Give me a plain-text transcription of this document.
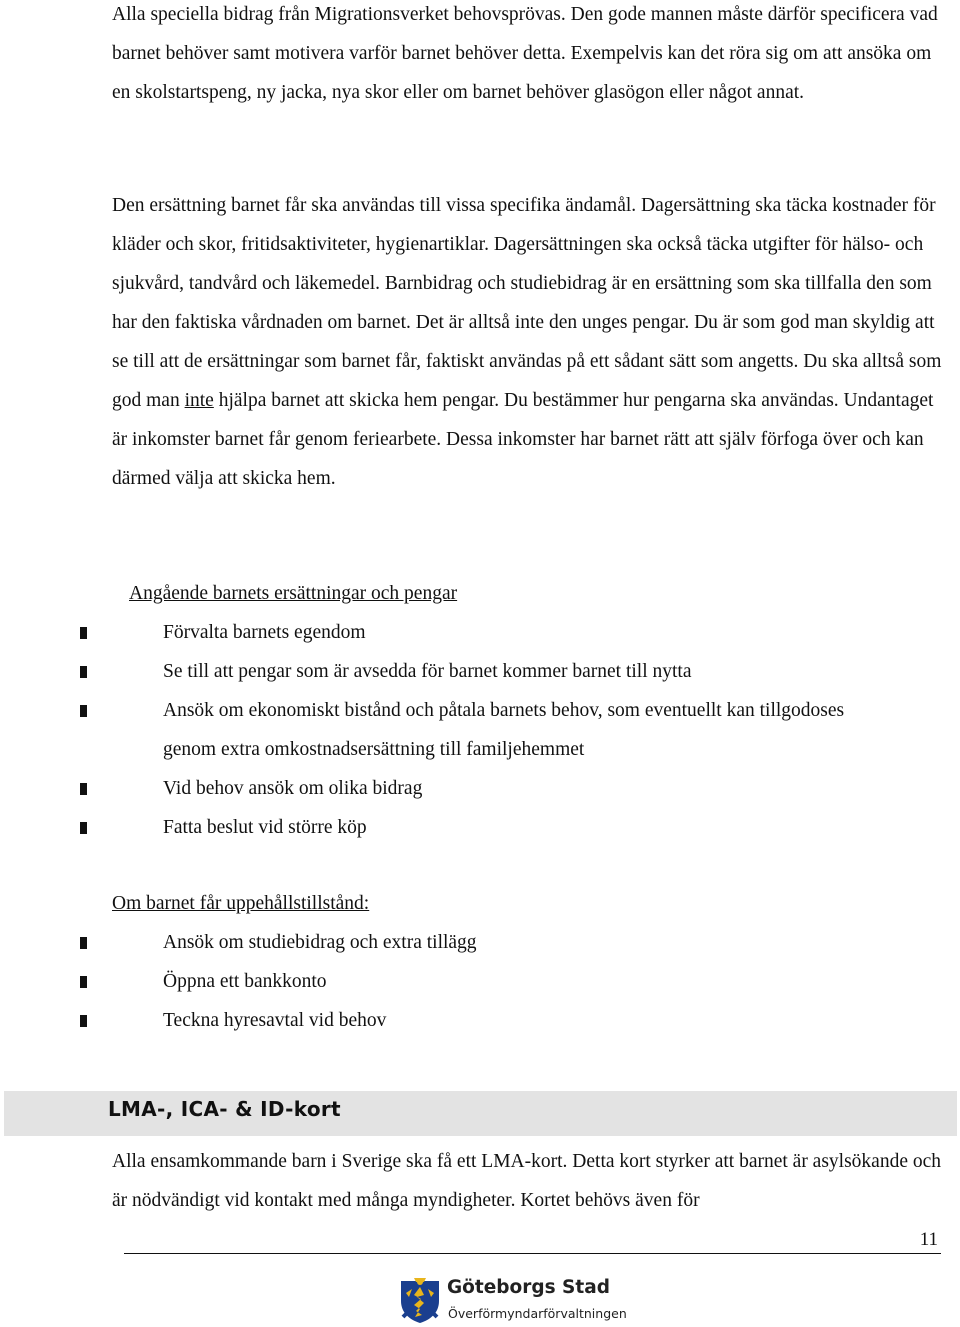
Alla speciella bidrag från Migrationsverket behovsprövas. Den gode mannen måste därför specificera vad barnet behöver samt motivera varför barnet behöver detta. Exempelvis kan det röra sig om att ansöka om en skolstartspeng, ny jacka, nya skor eller om barnet behöver glasögon eller något annat.

Den ersättning barnet får ska användas till vissa specifika ändamål. Dagersättning ska täcka kostnader för kläder och skor, fritidsaktiviteter, hygienartiklar. Dagersättningen ska också täcka utgifter för hälso- och sjukvård, tandvård och läkemedel. Barnbidrag och studiebidrag är en ersättning som ska tillfalla den som har den faktiska vårdnaden om barnet. Det är alltså inte den unges pengar. Du är som god man skyldig att se till att de ersättningar som barnet får, faktiskt användas på ett sådant sätt som angetts. Du ska alltså som god man inte hjälpa barnet att skicka hem pengar. Du bestämmer hur pengarna ska användas. Undantaget är inkomster barnet får genom feriearbete. Dessa inkomster har barnet rätt att själv förfoga över och kan därmed välja att skicka hem.

Angående barnets ersättningar och pengar
Förvalta barnets egendom
Se till att pengar som är avsedda för barnet kommer barnet till nytta
Ansök om ekonomiskt bistånd och påtala barnets behov, som eventuellt kan tillgodoses genom extra omkostnadsersättning till familjehemmet
Vid behov ansök om olika bidrag
Fatta beslut vid större köp
Om barnet får uppehållstillstånd:
Ansök om studiebidrag och extra tillägg
Öppna ett bankkonto
Teckna hyresavtal vid behov
LMA-, ICA- & ID-kort

Alla ensamkommande barn i Sverige ska få ett LMA-kort. Detta kort styrker att barnet är asylsökande och är nödvändigt vid kontakt med många myndigheter. Kortet behövs även för

11
Göteborgs Stad
Överförmyndarförvaltningen
